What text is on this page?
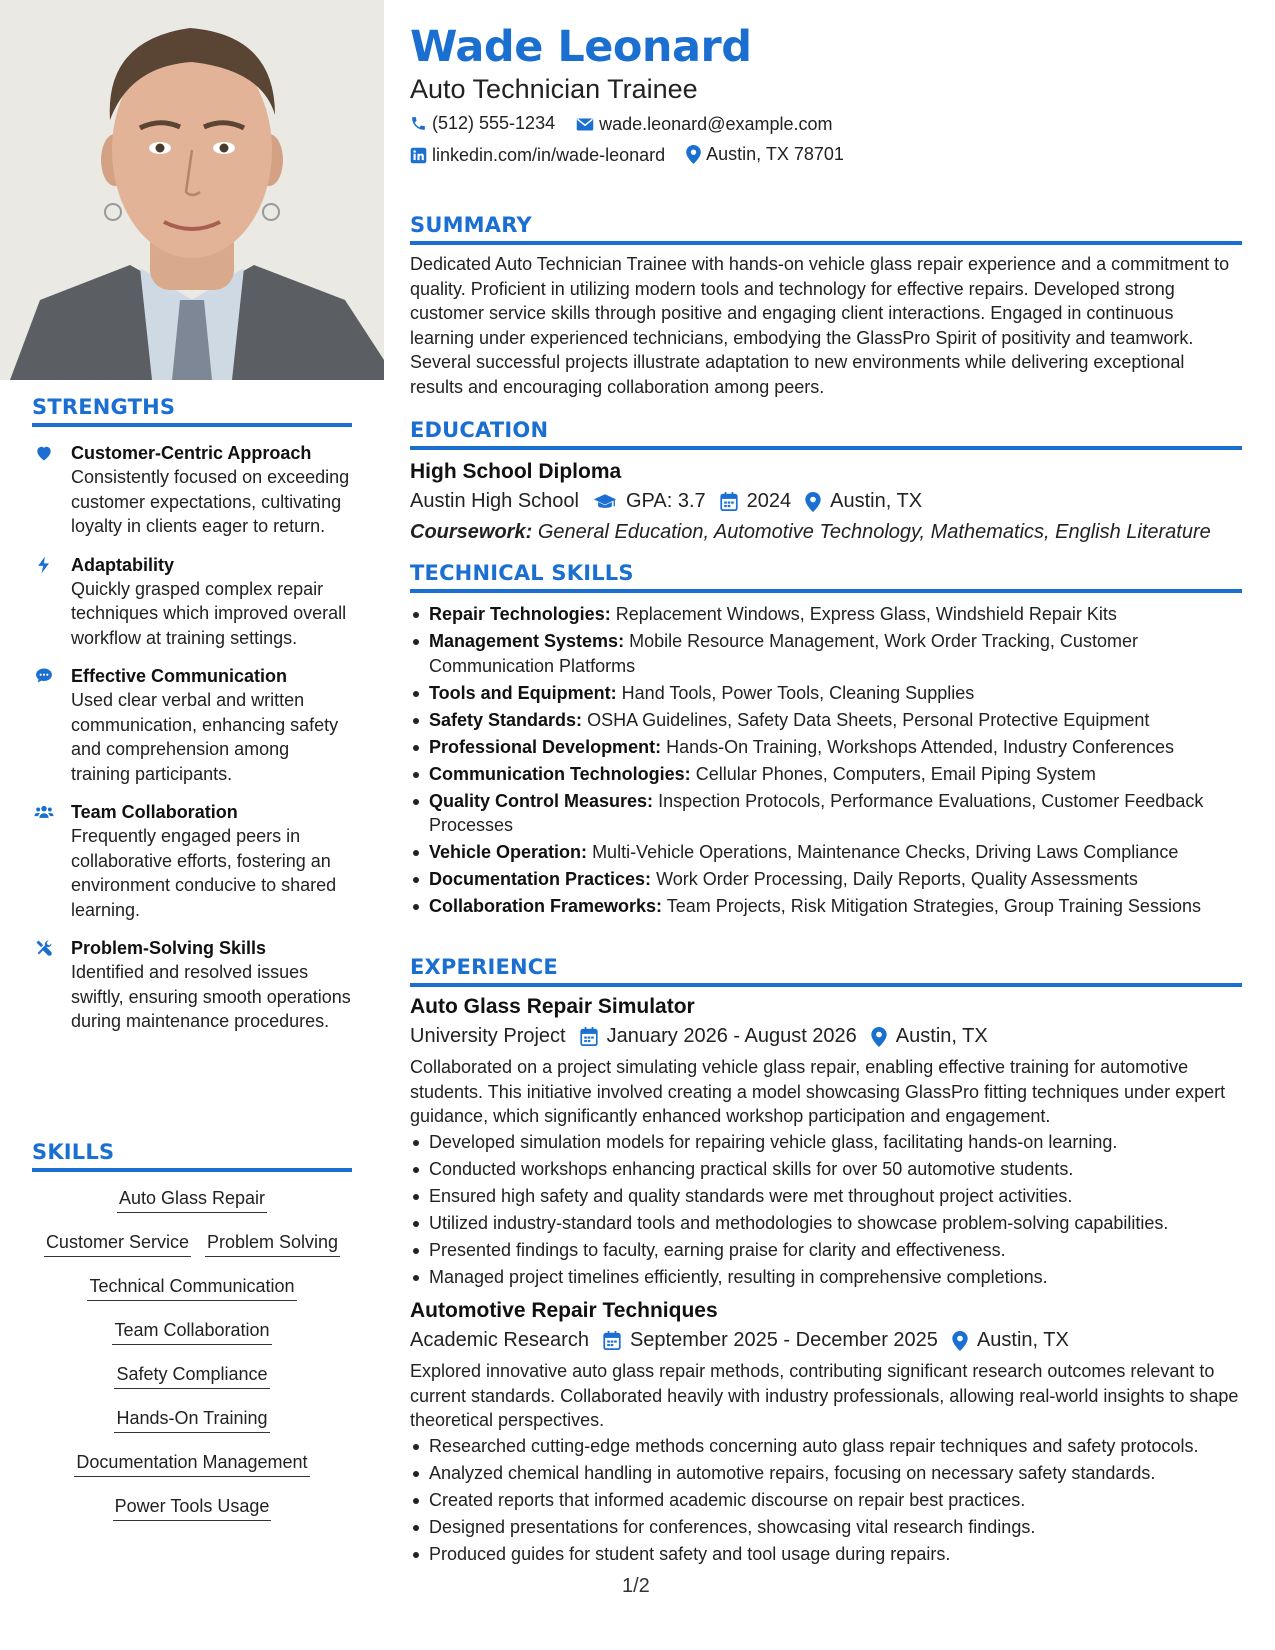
STRENGTHS
Customer-Centric Approach

Consistently focused on exceeding customer expectations, cultivating loyalty in clients eager to return.

Adaptability

Quickly grasped complex repair techniques which improved overall workflow at training settings.

Effective Communication

Used clear verbal and written communication, enhancing safety and comprehension among training participants.

Team Collaboration

Frequently engaged peers in collaborative efforts, fostering an environment conducive to shared learning.

Problem-Solving Skills

Identified and resolved issues swiftly, ensuring smooth operations during maintenance procedures.

SKILLS
Auto Glass Repair
Customer Service Problem Solving
Technical Communication
Team Collaboration
Safety Compliance
Hands-On Training
Documentation Management
Power Tools Usage
Wade Leonard
Auto Technician Trainee
(512) 555-1234
wade.leonard@example.com
linkedin.com/in/wade-leonard
Austin, TX 78701
SUMMARY
Dedicated Auto Technician Trainee with hands-on vehicle glass repair experience and a commitment to quality. Proficient in utilizing modern tools and technology for effective repairs. Developed strong customer service skills through positive and engaging client interactions. Engaged in continuous learning under experienced technicians, embodying the GlassPro Spirit of positivity and teamwork. Several successful projects illustrate adaptation to new environments while delivering exceptional results and encouraging collaboration among peers.
EDUCATION
High School Diploma
Austin High School GPA: 3.7 2024 Austin, TX
Coursework: General Education, Automotive Technology, Mathematics, English Literature
TECHNICAL SKILLS
Repair Technologies: Replacement Windows, Express Glass, Windshield Repair Kits
Management Systems: Mobile Resource Management, Work Order Tracking, Customer Communication Platforms
Tools and Equipment: Hand Tools, Power Tools, Cleaning Supplies
Safety Standards: OSHA Guidelines, Safety Data Sheets, Personal Protective Equipment
Professional Development: Hands-On Training, Workshops Attended, Industry Conferences
Communication Technologies: Cellular Phones, Computers, Email Piping System
Quality Control Measures: Inspection Protocols, Performance Evaluations, Customer Feedback Processes
Vehicle Operation: Multi-Vehicle Operations, Maintenance Checks, Driving Laws Compliance
Documentation Practices: Work Order Processing, Daily Reports, Quality Assessments
Collaboration Frameworks: Team Projects, Risk Mitigation Strategies, Group Training Sessions
EXPERIENCE
Auto Glass Repair Simulator
University Project January 2026 - August 2026 Austin, TX
Collaborated on a project simulating vehicle glass repair, enabling effective training for automotive students. This initiative involved creating a model showcasing GlassPro fitting techniques under expert guidance, which significantly enhanced workshop participation and engagement.
Developed simulation models for repairing vehicle glass, facilitating hands-on learning.
Conducted workshops enhancing practical skills for over 50 automotive students.
Ensured high safety and quality standards were met throughout project activities.
Utilized industry-standard tools and methodologies to showcase problem-solving capabilities.
Presented findings to faculty, earning praise for clarity and effectiveness.
Managed project timelines efficiently, resulting in comprehensive completions.
Automotive Repair Techniques
Academic Research September 2025 - December 2025 Austin, TX
Explored innovative auto glass repair methods, contributing significant research outcomes relevant to current standards. Collaborated heavily with industry professionals, allowing real-world insights to shape theoretical perspectives.
Researched cutting-edge methods concerning auto glass repair techniques and safety protocols.
Analyzed chemical handling in automotive repairs, focusing on necessary safety standards.
Created reports that informed academic discourse on repair best practices.
Designed presentations for conferences, showcasing vital research findings.
Produced guides for student safety and tool usage during repairs.
1/2
